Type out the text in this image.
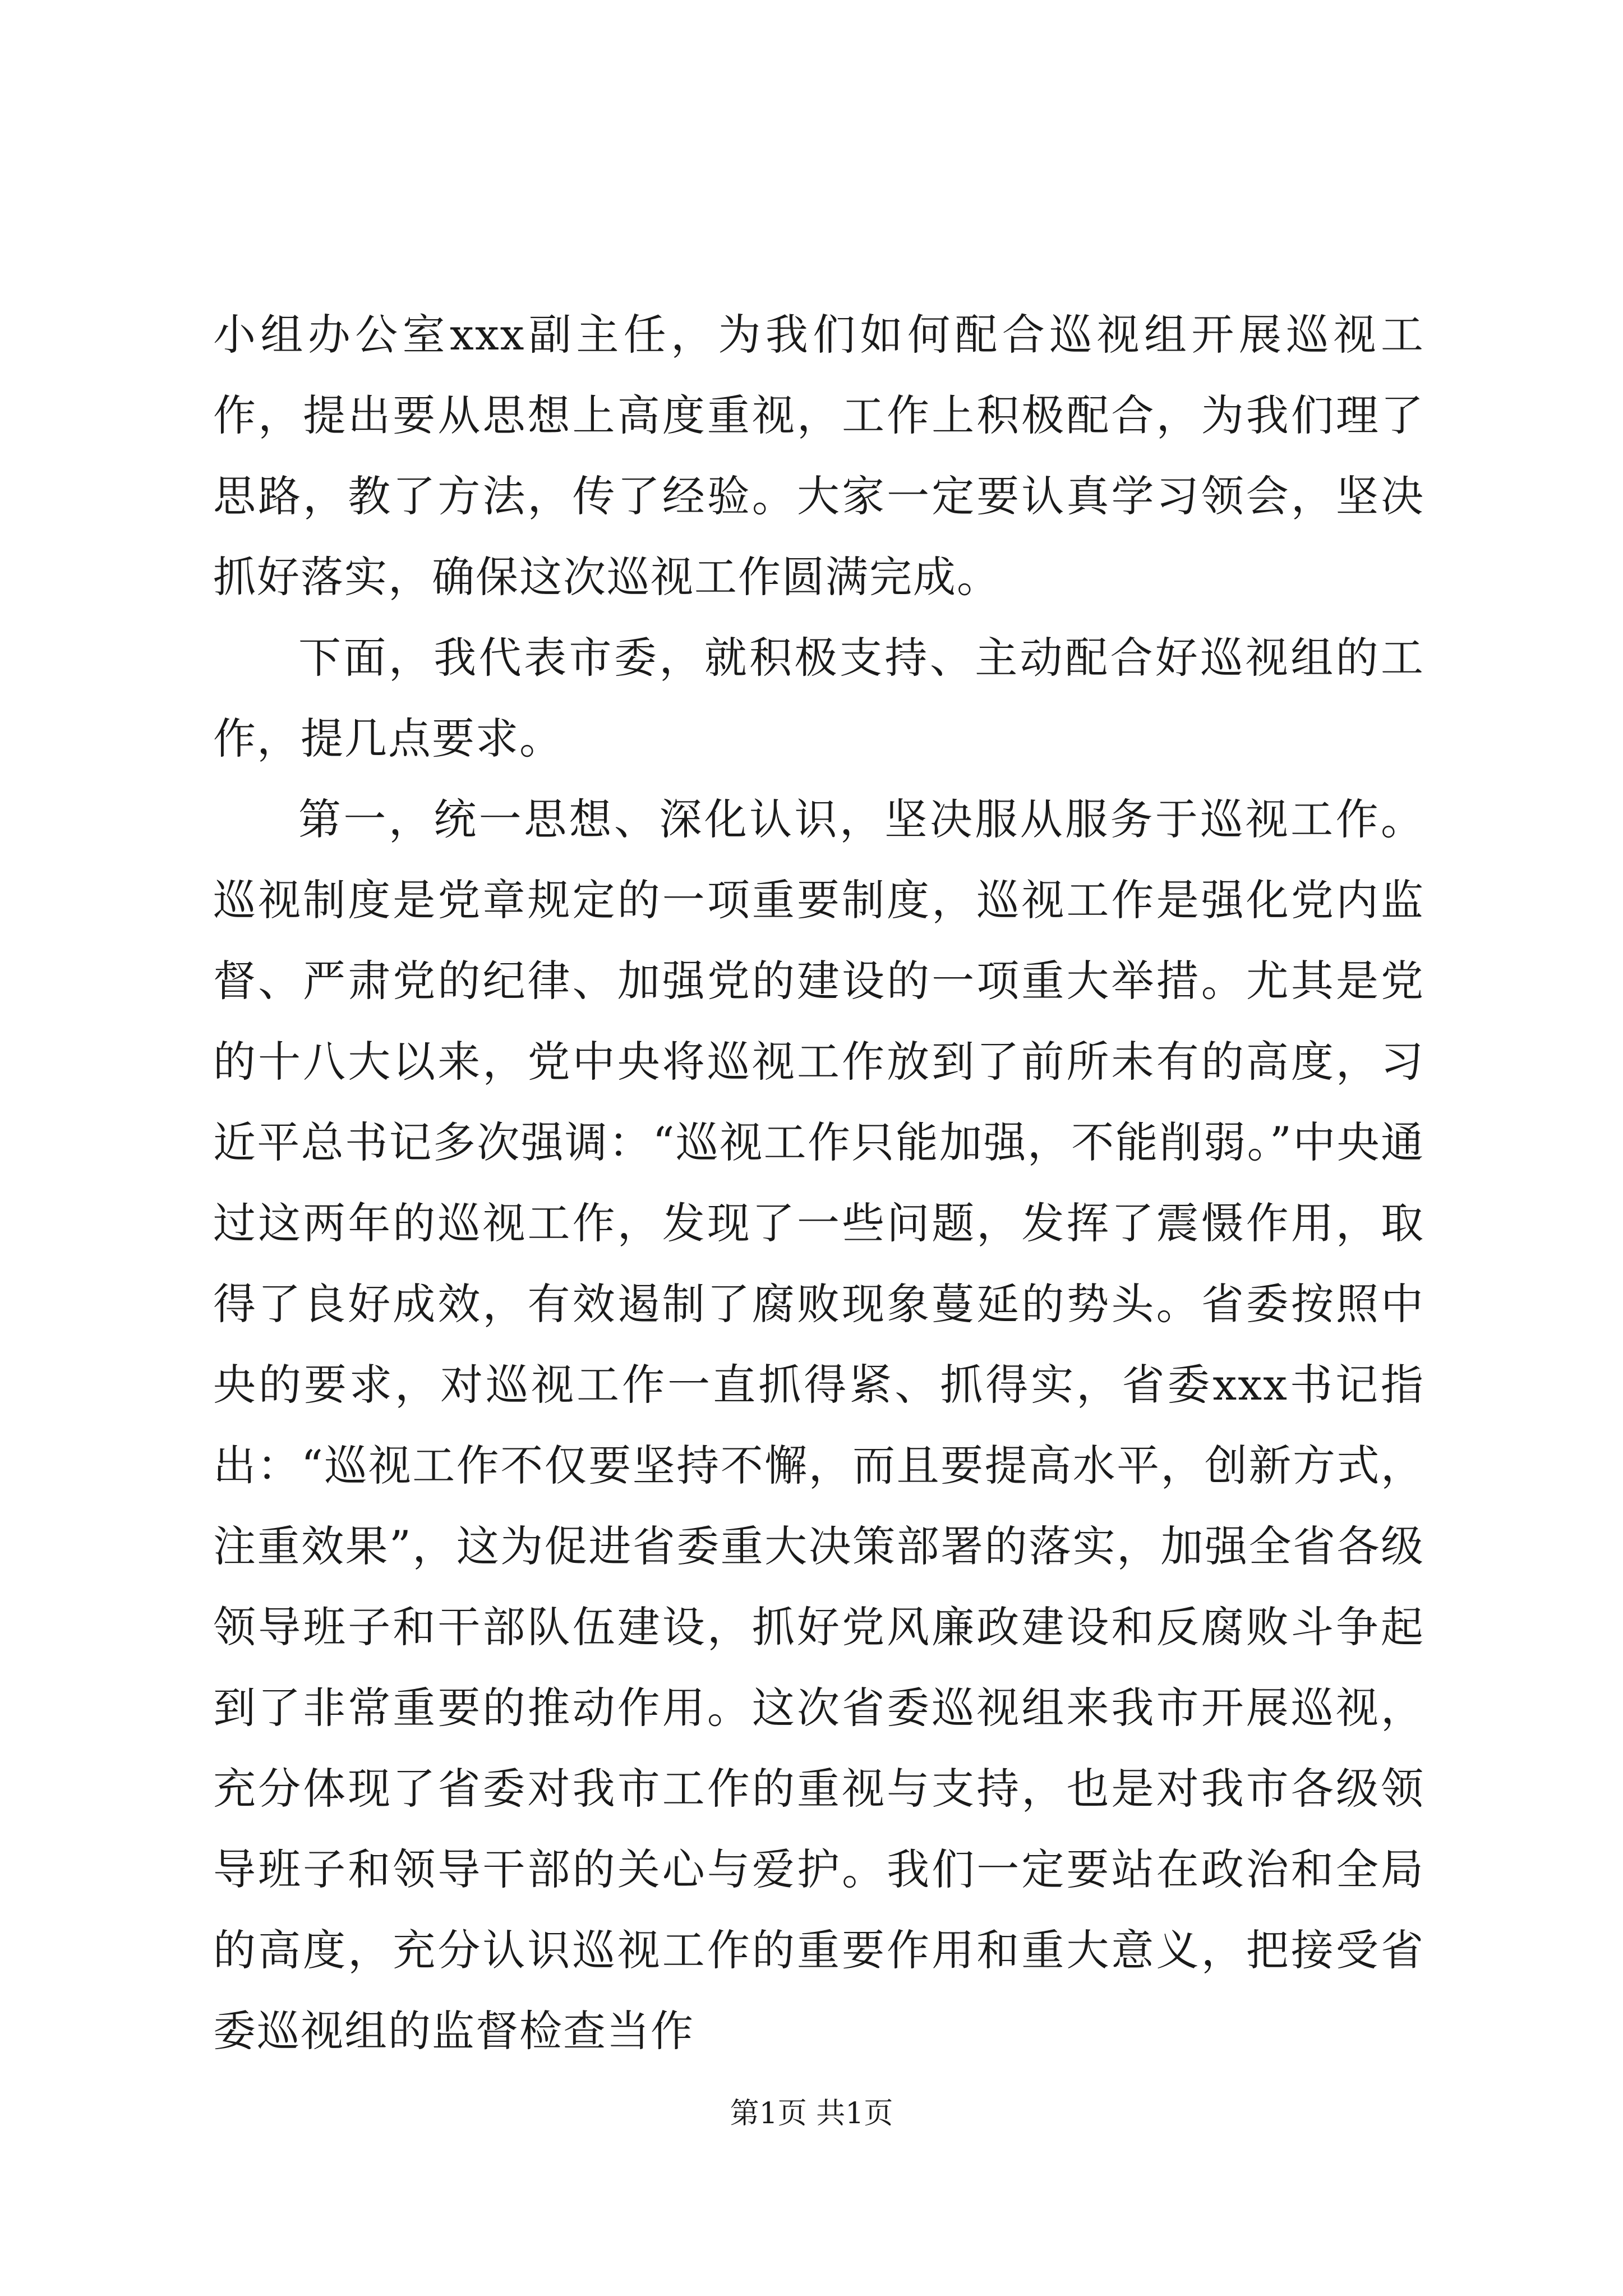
小组办公室xxx副主任，为我们如何配合巡视组开展巡视工作，提出要从思想上高度重视，工作上积极配合，为我们理了思路，教了方法，传了经验。大家一定要认真学习领会，坚决抓好落实，确保这次巡视工作圆满完成。

下面，我代表市委，就积极支持、主动配合好巡视组的工作，提几点要求。

第一，统一思想、深化认识，坚决服从服务于巡视工作。巡视制度是党章规定的一项重要制度，巡视工作是强化党内监督、严肃党的纪律、加强党的建设的一项重大举措。尤其是党的十八大以来，党中央将巡视工作放到了前所未有的高度，习近平总书记多次强调：“巡视工作只能加强，不能削弱。”中央通过这两年的巡视工作，发现了一些问题，发挥了震慑作用，取得了良好成效，有效遏制了腐败现象蔓延的势头。省委按照中央的要求，对巡视工作一直抓得紧、抓得实，省委xxx书记指出：“巡视工作不仅要坚持不懈，而且要提高水平，创新方式，注重效果”，这为促进省委重大决策部署的落实，加强全省各级领导班子和干部队伍建设，抓好党风廉政建设和反腐败斗争起到了非常重要的推动作用。这次省委巡视组来我市开展巡视，充分体现了省委对我市工作的重视与支持，也是对我市各级领导班子和领导干部的关心与爱护。我们一定要站在政治和全局的高度，充分认识巡视工作的重要作用和重大意义，把接受省委巡视组的监督检查当作

第1页 共1页
